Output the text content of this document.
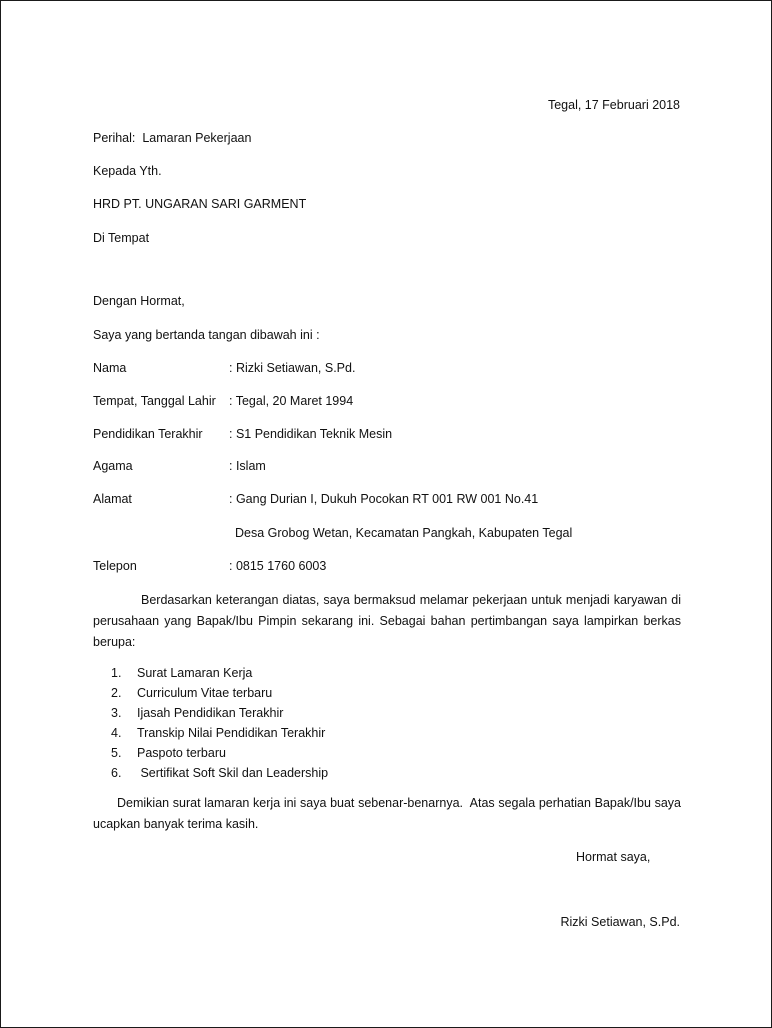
Tegal, 17 Februari 2018
Perihal:  Lamaran Pekerjaan
Kepada Yth.
HRD PT. UNGARAN SARI GARMENT
Di Tempat
Dengan Hormat,
Saya yang bertanda tangan dibawah ini :
Nama	: Rizki Setiawan, S.Pd.
Tempat, Tanggal Lahir : Tegal, 20 Maret 1994
Pendidikan Terakhir : S1 Pendidikan Teknik Mesin
Agama	: Islam
Alamat	: Gang Durian I, Dukuh Pocokan RT 001 RW 001 No.41
Desa Grobog Wetan, Kecamatan Pangkah, Kabupaten Tegal
Telepon	: 0815 1760 6003
Berdasarkan keterangan diatas, saya bermaksud melamar pekerjaan untuk menjadi karyawan di perusahaan yang Bapak/Ibu Pimpin sekarang ini. Sebagai bahan pertimbangan saya lampirkan berkas berupa:
1. Surat Lamaran Kerja
2. Curriculum Vitae terbaru
3. Ijasah Pendidikan Terakhir
4. Transkip Nilai Pendidikan Terakhir
5. Paspoto terbaru
6. Sertifikat Soft Skil dan Leadership
Demikian surat lamaran kerja ini saya buat sebenar-benarnya.  Atas segala perhatian Bapak/Ibu saya ucapkan banyak terima kasih.
Hormat saya,
Rizki Setiawan, S.Pd.
